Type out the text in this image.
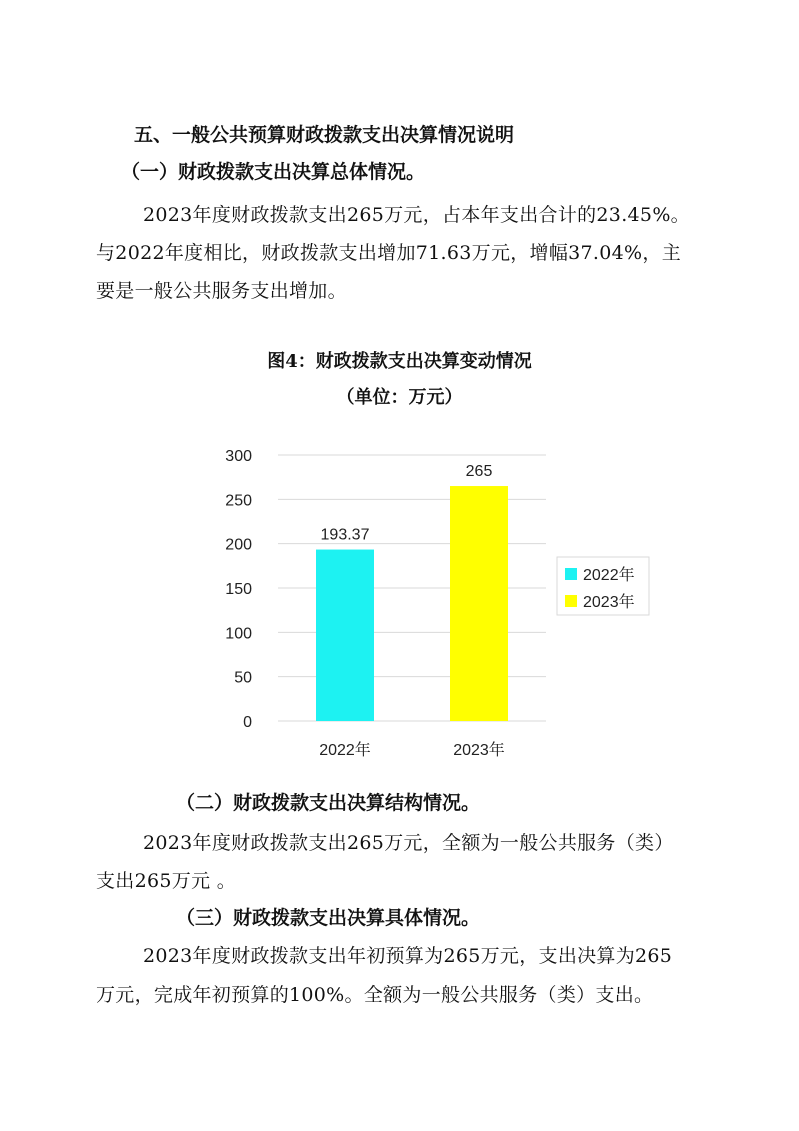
五、一般公共预算财政拨款支出决算情况说明
（一）财政拨款支出决算总体情况。
2023年度财政拨款支出265万元，占本年支出合计的23.45%。
与2022年度相比，财政拨款支出增加71.63万元，增幅37.04%，主
要是一般公共服务支出增加。
图4：财政拨款支出决算变动情况
（单位：万元）
0
50
100
150
200
250
300
193.37
2022年
265
2023年
2022年
2023年
（二）财政拨款支出决算结构情况。
2023年度财政拨款支出265万元，全额为一般公共服务（类）
支出265万元 。
（三）财政拨款支出决算具体情况。
2023年度财政拨款支出年初预算为265万元，支出决算为265
万元，完成年初预算的100%。全额为一般公共服务（类）支出。
